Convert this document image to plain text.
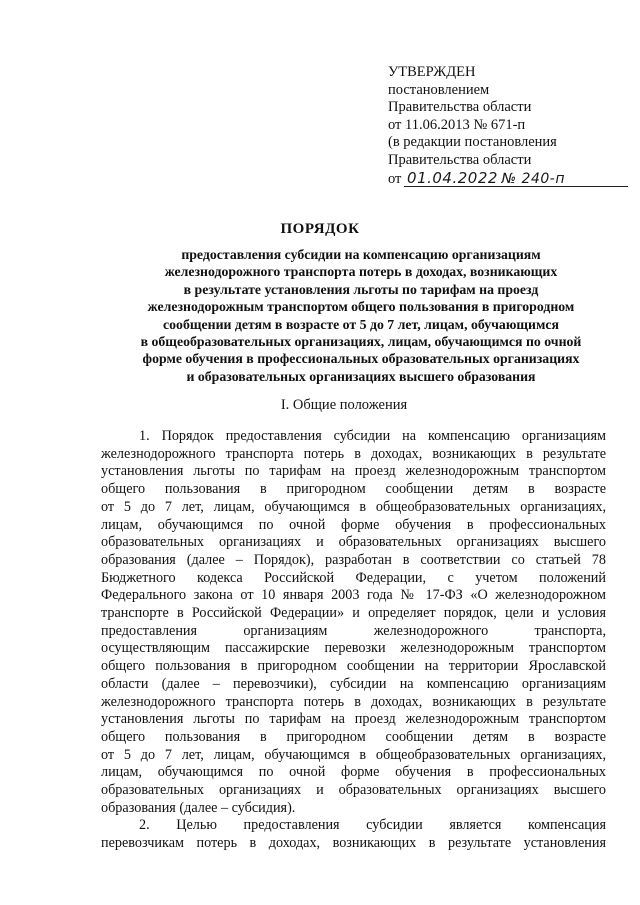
УТВЕРЖДЕН
постановлением
Правительства области
от 11.06.2013 № 671-п
(в редакции постановления
Правительства области
от 01.04.2022 № 240-п
ПОРЯДОК
предоставления субсидии на компенсацию организациям
железнодорожного транспорта потерь в доходах, возникающих
в результате установления льготы по тарифам на проезд
железнодорожным транспортом общего пользования в пригородном
сообщении детям в возрасте от 5 до 7 лет, лицам, обучающимся
в общеобразовательных организациях, лицам, обучающимся по очной
форме обучения в профессиональных образовательных организациях
и образовательных организациях высшего образования
I. Общие положения
1. Порядок предоставления субсидии на компенсацию организациям
железнодорожного транспорта потерь в доходах, возникающих в результате
установления льготы по тарифам на проезд железнодорожным транспортом
общего пользования в пригородном сообщении детям в возрасте
от 5 до 7 лет, лицам, обучающимся в общеобразовательных организациях,
лицам, обучающимся по очной форме обучения в профессиональных
образовательных организациях и образовательных организациях высшего
образования (далее – Порядок), разработан в соответствии со статьей 78
Бюджетного кодекса Российской Федерации, с учетом положений
Федерального закона от 10 января 2003 года № 17-ФЗ «О железнодорожном
транспорте в Российской Федерации» и определяет порядок, цели и условия
предоставления организациям железнодорожного транспорта,
осуществляющим пассажирские перевозки железнодорожным транспортом
общего пользования в пригородном сообщении на территории Ярославской
области (далее – перевозчики), субсидии на компенсацию организациям
железнодорожного транспорта потерь в доходах, возникающих в результате
установления льготы по тарифам на проезд железнодорожным транспортом
общего пользования в пригородном сообщении детям в возрасте
от 5 до 7 лет, лицам, обучающимся в общеобразовательных организациях,
лицам, обучающимся по очной форме обучения в профессиональных
образовательных организациях и образовательных организациях высшего
образования (далее – субсидия).
2. Целью предоставления субсидии является компенсация
перевозчикам потерь в доходах, возникающих в результате установления
